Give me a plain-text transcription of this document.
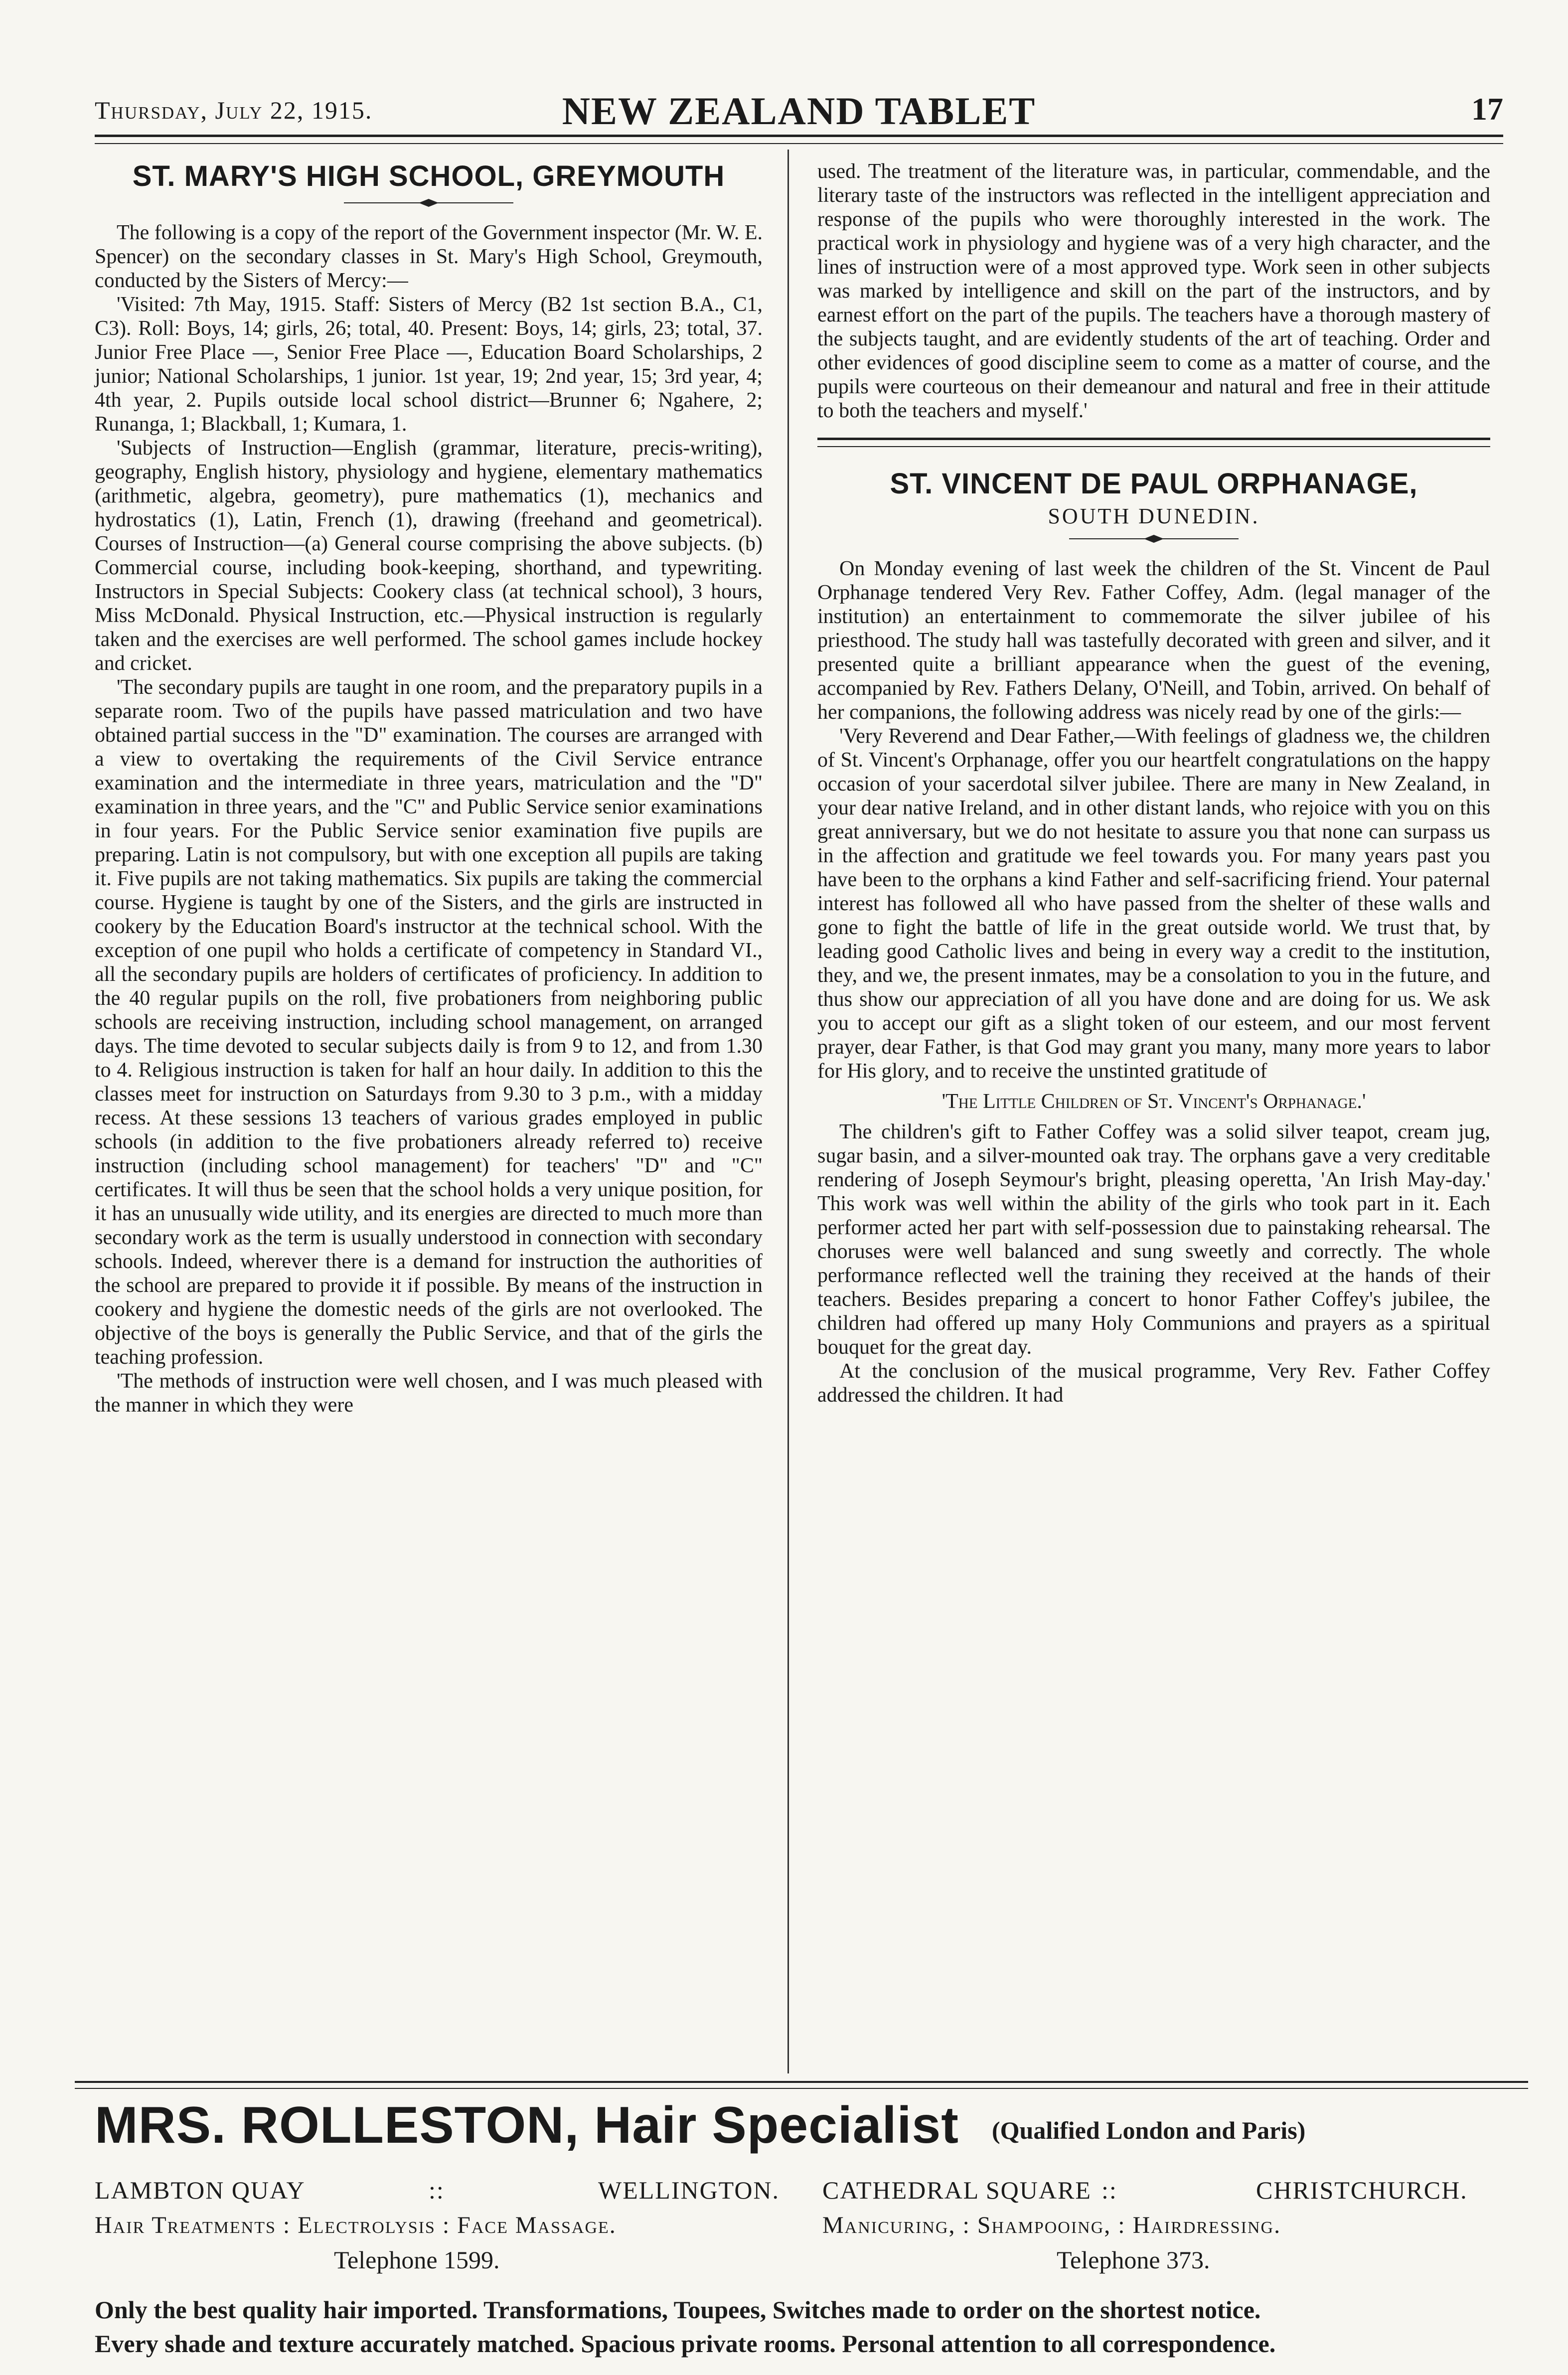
Thursday, July 22, 1915.	NEW ZEALAND TABLET	17
ST. MARY'S HIGH SCHOOL, GREYMOUTH

The following is a copy of the report of the Government inspector (Mr. W. E. Spencer) on the secondary classes in St. Mary's High School, Greymouth, conducted by the Sisters of Mercy:—

'Visited: 7th May, 1915. Staff: Sisters of Mercy (B2 1st section B.A., C1, C3). Roll: Boys, 14; girls, 26; total, 40. Present: Boys, 14; girls, 23; total, 37. Junior Free Place —, Senior Free Place —, Education Board Scholarships, 2 junior; National Scholarships, 1 junior. 1st year, 19; 2nd year, 15; 3rd year, 4; 4th year, 2. Pupils outside local school district—Brunner 6; Ngahere, 2; Runanga, 1; Blackball, 1; Kumara, 1.

'Subjects of Instruction—English (grammar, literature, precis-writing), geography, English history, physiology and hygiene, elementary mathematics (arithmetic, algebra, geometry), pure mathematics (1), mechanics and hydrostatics (1), Latin, French (1), drawing (freehand and geometrical). Courses of Instruction—(a) General course comprising the above subjects. (b) Commercial course, including book-keeping, shorthand, and typewriting. Instructors in Special Subjects: Cookery class (at technical school), 3 hours, Miss McDonald. Physical Instruction, etc.—Physical instruction is regularly taken and the exercises are well performed. The school games include hockey and cricket.

'The secondary pupils are taught in one room, and the preparatory pupils in a separate room. Two of the pupils have passed matriculation and two have obtained partial success in the "D" examination. The courses are arranged with a view to overtaking the requirements of the Civil Service entrance examination and the intermediate in three years, matriculation and the "D" examination in three years, and the "C" and Public Service senior examinations in four years. For the Public Service senior examination five pupils are preparing. Latin is not compulsory, but with one exception all pupils are taking it. Five pupils are not taking mathematics. Six pupils are taking the commercial course. Hygiene is taught by one of the Sisters, and the girls are instructed in cookery by the Education Board's instructor at the technical school. With the exception of one pupil who holds a certificate of competency in Standard VI., all the secondary pupils are holders of certificates of proficiency. In addition to the 40 regular pupils on the roll, five probationers from neighboring public schools are receiving instruction, including school management, on arranged days. The time devoted to secular subjects daily is from 9 to 12, and from 1.30 to 4. Religious instruction is taken for half an hour daily. In addition to this the classes meet for instruction on Saturdays from 9.30 to 3 p.m., with a midday recess. At these sessions 13 teachers of various grades employed in public schools (in addition to the five probationers already referred to) receive instruction (including school management) for teachers' "D" and "C" certificates. It will thus be seen that the school holds a very unique position, for it has an unusually wide utility, and its energies are directed to much more than secondary work as the term is usually understood in connection with secondary schools. Indeed, wherever there is a demand for instruction the authorities of the school are prepared to provide it if possible. By means of the instruction in cookery and hygiene the domestic needs of the girls are not overlooked. The objective of the boys is generally the Public Service, and that of the girls the teaching profession.

'The methods of instruction were well chosen, and I was much pleased with the manner in which they were

used. The treatment of the literature was, in particular, commendable, and the literary taste of the instructors was reflected in the intelligent appreciation and response of the pupils who were thoroughly interested in the work. The practical work in physiology and hygiene was of a very high character, and the lines of instruction were of a most approved type. Work seen in other subjects was marked by intelligence and skill on the part of the instructors, and by earnest effort on the part of the pupils. The teachers have a thorough mastery of the subjects taught, and are evidently students of the art of teaching. Order and other evidences of good discipline seem to come as a matter of course, and the pupils were courteous on their demeanour and natural and free in their attitude to both the teachers and myself.'

ST. VINCENT DE PAUL ORPHANAGE,
SOUTH DUNEDIN.

On Monday evening of last week the children of the St. Vincent de Paul Orphanage tendered Very Rev. Father Coffey, Adm. (legal manager of the institution) an entertainment to commemorate the silver jubilee of his priesthood. The study hall was tastefully decorated with green and silver, and it presented quite a brilliant appearance when the guest of the evening, accompanied by Rev. Fathers Delany, O'Neill, and Tobin, arrived. On behalf of her companions, the following address was nicely read by one of the girls:—

'Very Reverend and Dear Father,—With feelings of gladness we, the children of St. Vincent's Orphanage, offer you our heartfelt congratulations on the happy occasion of your sacerdotal silver jubilee. There are many in New Zealand, in your dear native Ireland, and in other distant lands, who rejoice with you on this great anniversary, but we do not hesitate to assure you that none can surpass us in the affection and gratitude we feel towards you. For many years past you have been to the orphans a kind Father and self-sacrificing friend. Your paternal interest has followed all who have passed from the shelter of these walls and gone to fight the battle of life in the great outside world. We trust that, by leading good Catholic lives and being in every way a credit to the institution, they, and we, the present inmates, may be a consolation to you in the future, and thus show our appreciation of all you have done and are doing for us. We ask you to accept our gift as a slight token of our esteem, and our most fervent prayer, dear Father, is that God may grant you many, many more years to labor for His glory, and to receive the unstinted gratitude of

'The Little Children of St. Vincent's Orphanage.'

The children's gift to Father Coffey was a solid silver teapot, cream jug, sugar basin, and a silver-mounted oak tray. The orphans gave a very creditable rendering of Joseph Seymour's bright, pleasing operetta, 'An Irish May-day.' This work was well within the ability of the girls who took part in it. Each performer acted her part with self-possession due to painstaking rehearsal. The choruses were well balanced and sung sweetly and correctly. The whole performance reflected well the training they received at the hands of their teachers. Besides preparing a concert to honor Father Coffey's jubilee, the children had offered up many Holy Communions and prayers as a spiritual bouquet for the great day.

At the conclusion of the musical programme, Very Rev. Father Coffey addressed the children. It had

MRS. ROLLESTON, Hair Specialist (Qualified London and Paris)
LAMBTON QUAY	::	WELLINGTON. CATHEDRAL SQUARE ::	CHRISTCHURCH.
Hair Treatments : Electrolysis : Face Massage.	Manicuring, : Shampooing, : Hairdressing.
Telephone 1599.	Telephone 373.
Only the best quality hair imported. Transformations, Toupees, Switches made to order on the shortest notice.
Every shade and texture accurately matched. Spacious private rooms. Personal attention to all correspondence.
